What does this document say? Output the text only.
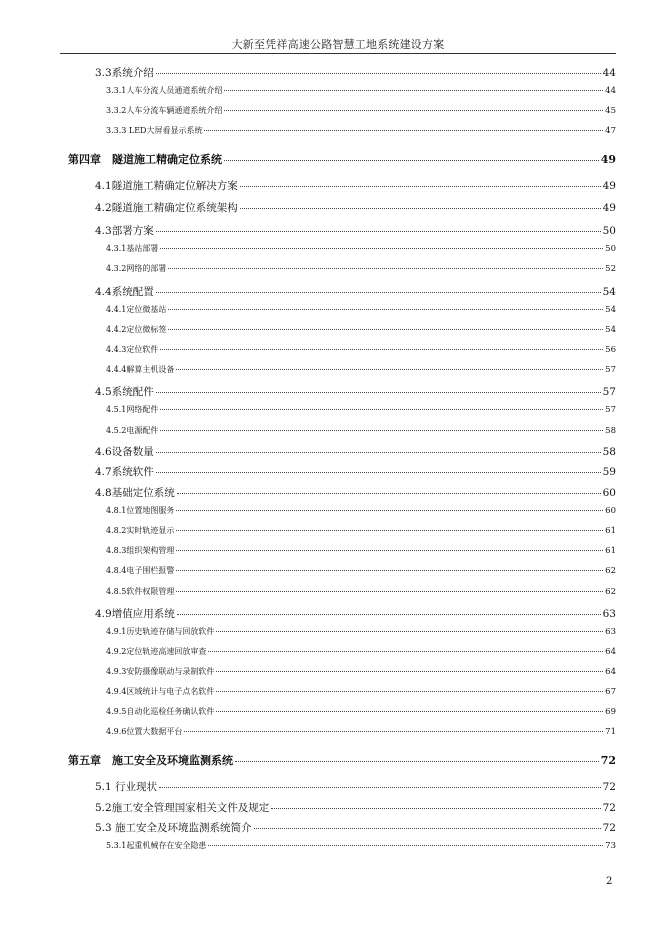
大新至凭祥高速公路智慧工地系统建设方案
3.3系统介绍	44
3.3.1人车分流人员通道系统介绍	44
3.3.2人车分流车辆通道系统介绍	45
3.3.3 LED大屏看显示系统	47
第四章　隧道施工精确定位系统	49
4.1隧道施工精确定位解决方案	49
4.2隧道施工精确定位系统架构	49
4.3部署方案	50
4.3.1基站部署	50
4.3.2网络的部署	52
4.4系统配置	54
4.4.1定位微基站	54
4.4.2定位微标签	54
4.4.3定位软件	56
4.4.4解算主机设备	57
4.5系统配件	57
4.5.1网络配件	57
4.5.2电源配件	58
4.6设备数量	58
4.7系统软件	59
4.8基础定位系统	60
4.8.1位置地图服务	60
4.8.2实时轨迹显示	61
4.8.3组织架构管理	61
4.8.4电子围栏报警	62
4.8.5软件权限管理	62
4.9增值应用系统	63
4.9.1历史轨迹存储与回放软件	63
4.9.2定位轨迹高速回放审查	64
4.9.3安防摄像联动与录制软件	64
4.9.4区域统计与电子点名软件	67
4.9.5自动化巡检任务确认软件	69
4.9.6位置大数据平台	71
第五章　施工安全及环境监测系统	72
5.1 行业现状	72
5.2施工安全管理国家相关文件及规定	72
5.3 施工安全及环境监测系统简介	72
5.3.1起重机械存在安全隐患	73
2
